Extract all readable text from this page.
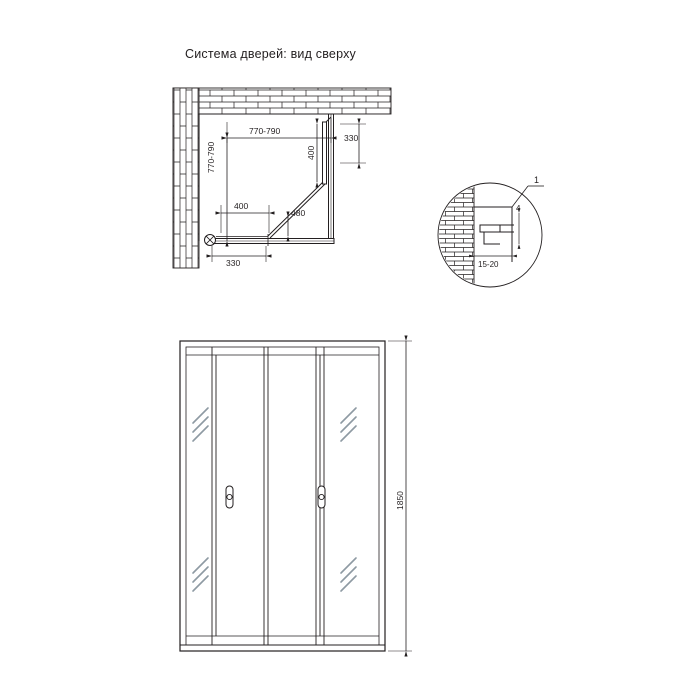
Система дверей: вид сверху
770-790
770-790	400
330
400
480
330
1
4
15-20
1850
